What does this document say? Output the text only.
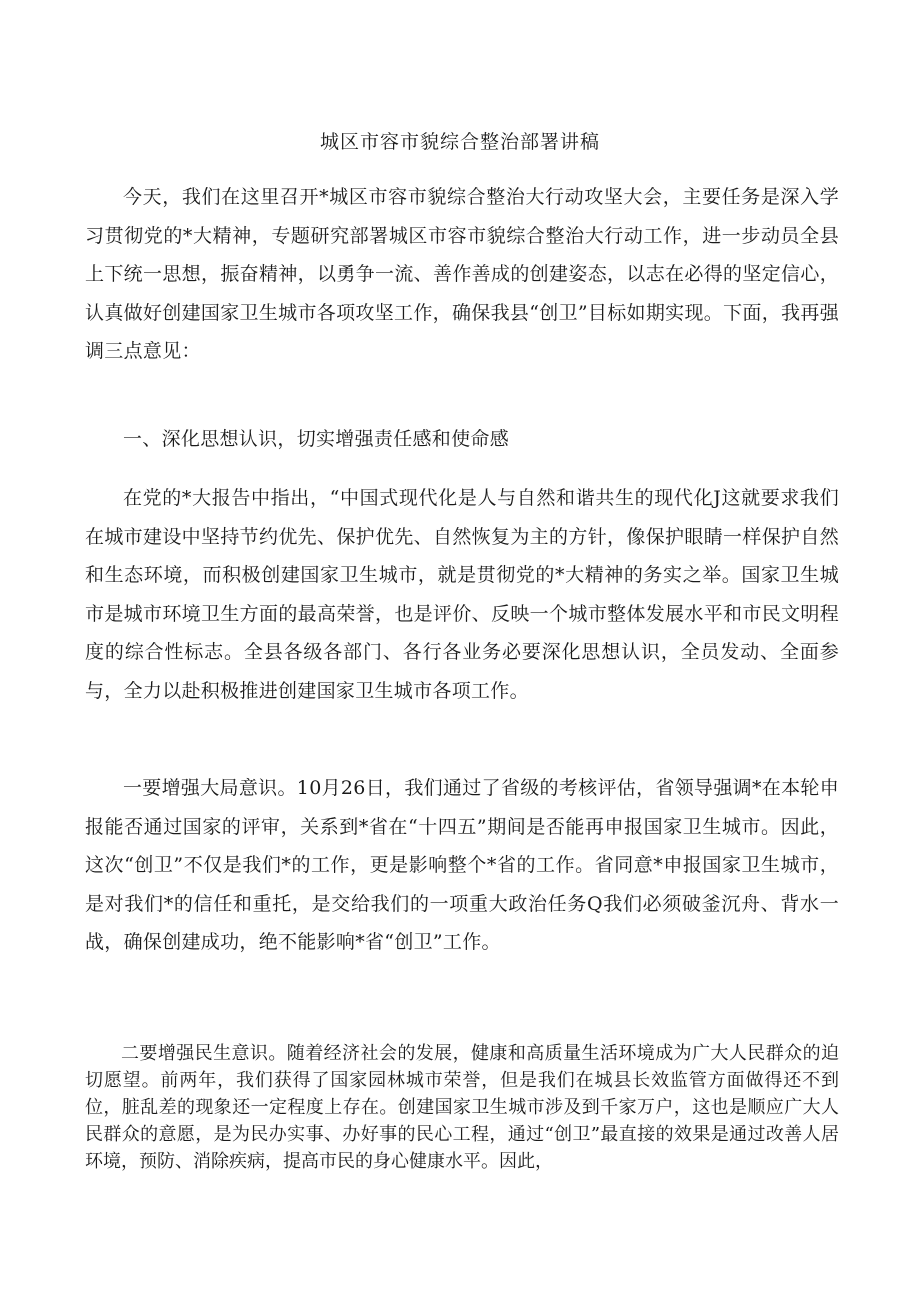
城区市容市貌综合整治部署讲稿

今天，我们在这里召开*城区市容市貌综合整治大行动攻坚大会，主要任务是深入学习贯彻党的*大精神，专题研究部署城区市容市貌综合整治大行动工作，进一步动员全县上下统一思想，振奋精神，以勇争一流、善作善成的创建姿态，以志在必得的坚定信心，认真做好创建国家卫生城市各项攻坚工作，确保我县“创卫”目标如期实现。下面，我再强调三点意见：

一、深化思想认识，切实增强责任感和使命感

在党的*大报告中指出，“中国式现代化是人与自然和谐共生的现代化J这就要求我们在城市建设中坚持节约优先、保护优先、自然恢复为主的方针，像保护眼睛一样保护自然和生态环境，而积极创建国家卫生城市，就是贯彻党的*大精神的务实之举。国家卫生城市是城市环境卫生方面的最高荣誉，也是评价、反映一个城市整体发展水平和市民文明程度的综合性标志。全县各级各部门、各行各业务必要深化思想认识，全员发动、全面参与，全力以赴积极推进创建国家卫生城市各项工作。

一要增强大局意识。10月26日，我们通过了省级的考核评估，省领导强调*在本轮申报能否通过国家的评审，关系到*省在“十四五”期间是否能再申报国家卫生城市。因此，这次“创卫”不仅是我们*的工作，更是影响整个*省的工作。省同意*申报国家卫生城市，是对我们*的信任和重托，是交给我们的一项重大政治任务Q我们必须破釜沉舟、背水一战，确保创建成功，绝不能影响*省“创卫”工作。

二要增强民生意识。随着经济社会的发展，健康和高质量生活环境成为广大人民群众的迫切愿望。前两年，我们获得了国家园林城市荣誉，但是我们在城县长效监管方面做得还不到位，脏乱差的现象还一定程度上存在。创建国家卫生城市涉及到千家万户，这也是顺应广大人民群众的意愿，是为民办实事、办好事的民心工程，通过“创卫”最直接的效果是通过改善人居环境，预防、消除疾病，提高市民的身心健康水平。因此，
